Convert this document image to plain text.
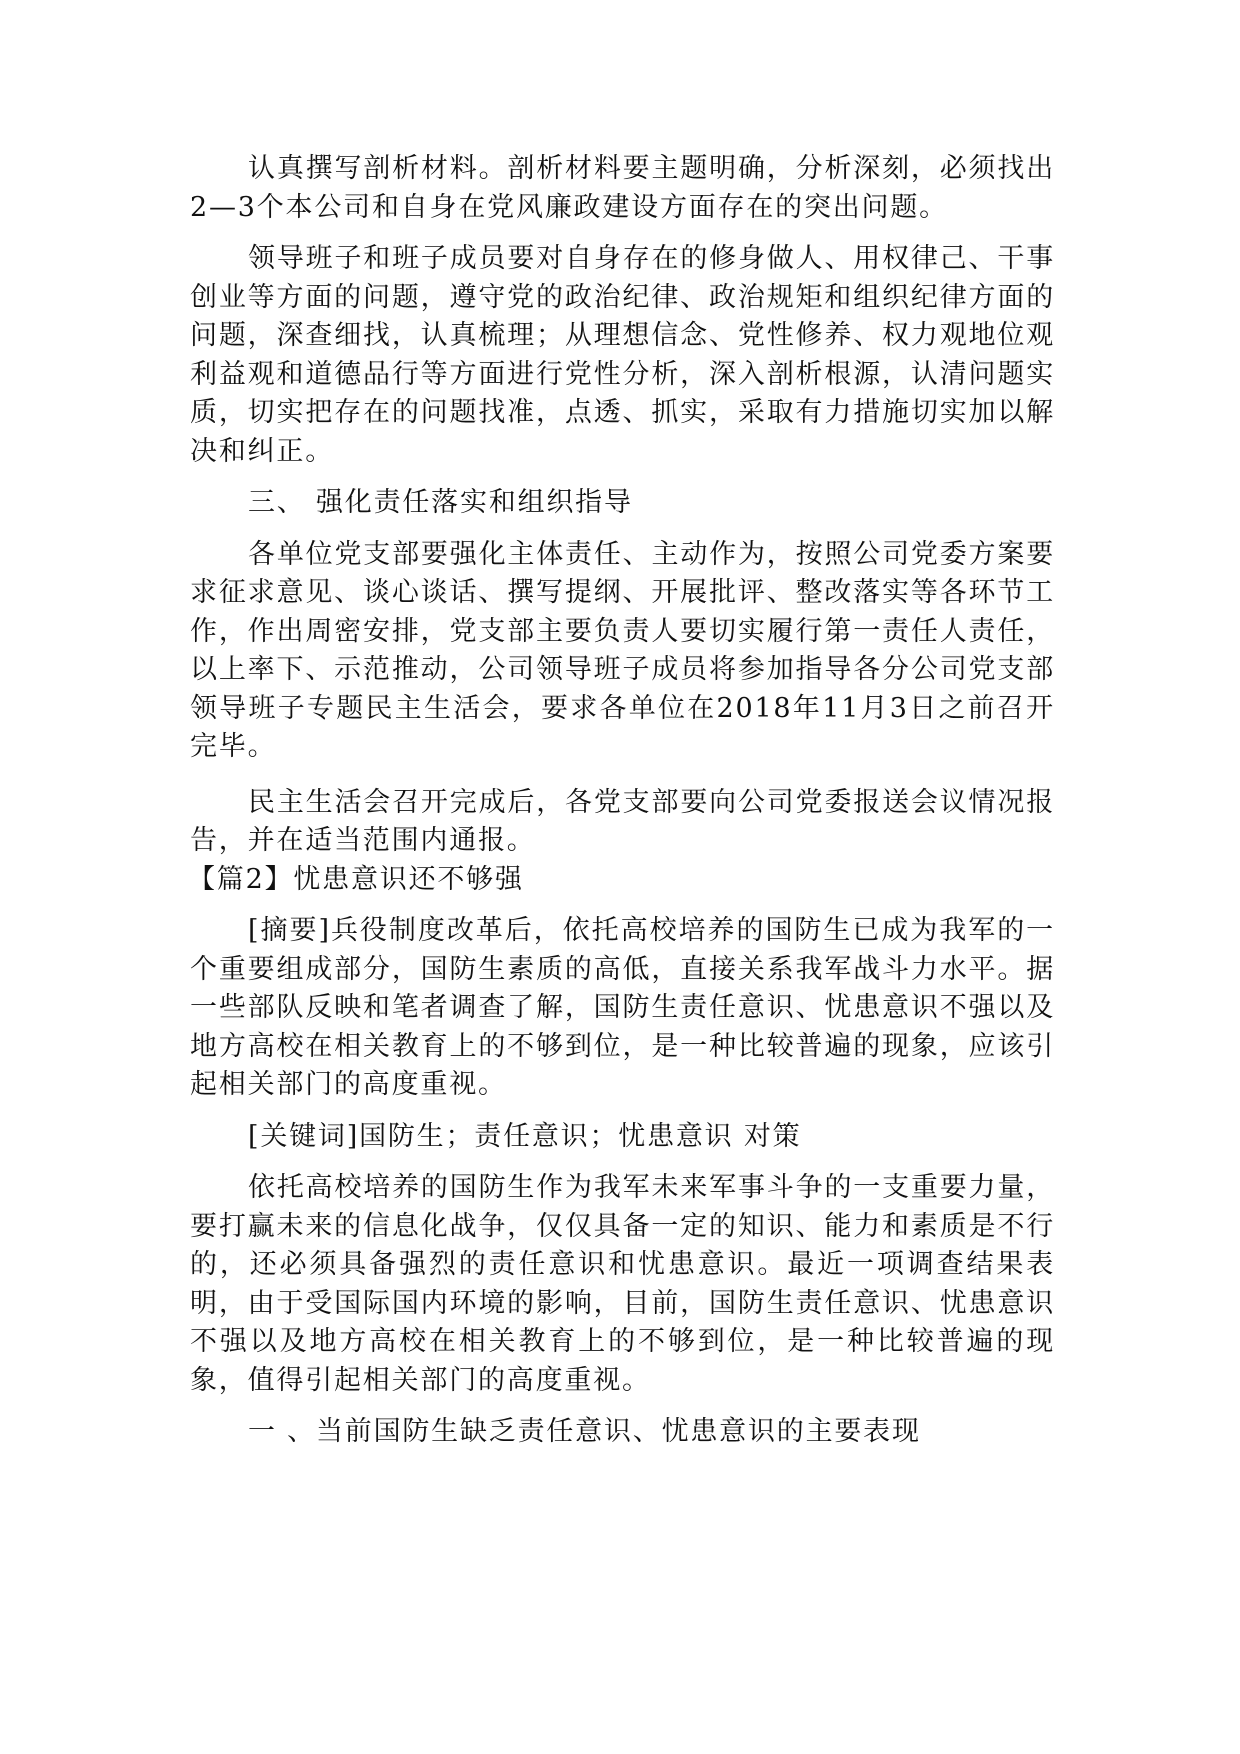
认真撰写剖析材料。剖析材料要主题明确，分析深刻，必须找出2—3个本公司和自身在党风廉政建设方面存在的突出问题。

领导班子和班子成员要对自身存在的修身做人、用权律己、干事创业等方面的问题，遵守党的政治纪律、政治规矩和组织纪律方面的问题，深查细找，认真梳理；从理想信念、党性修养、权力观地位观利益观和道德品行等方面进行党性分析，深入剖析根源，认清问题实质，切实把存在的问题找准，点透、抓实，采取有力措施切实加以解决和纠正。

三、 强化责任落实和组织指导

各单位党支部要强化主体责任、主动作为，按照公司党委方案要求征求意见、谈心谈话、撰写提纲、开展批评、整改落实等各环节工作，作出周密安排，党支部主要负责人要切实履行第一责任人责任，以上率下、示范推动，公司领导班子成员将参加指导各分公司党支部领导班子专题民主生活会，要求各单位在2018年11月3日之前召开 完毕。

民主生活会召开完成后，各党支部要向公司党委报送会议情况报告，并在适当范围内通报。

【篇2】忧患意识还不够强

[摘要]兵役制度改革后，依托高校培养的国防生已成为我军的一个重要组成部分，国防生素质的高低，直接关系我军战斗力水平。据一些部队反映和笔者调查了解，国防生责任意识、忧患意识不强以及地方高校在相关教育上的不够到位，是一种比较普遍的现象，应该引起相关部门的高度重视。

[关键词]国防生；责任意识；忧患意识 对策

依托高校培养的国防生作为我军未来军事斗争的一支重要力量，要打赢未来的信息化战争，仅仅具备一定的知识、能力和素质是不行的，还必须具备强烈的责任意识和忧患意识。最近一项调查结果表明，由于受国际国内环境的影响，目前，国防生责任意识、忧患意识不强以及地方高校在相关教育上的不够到位，是一种比较普遍的现象，值得引起相关部门的高度重视。

一 、当前国防生缺乏责任意识、忧患意识的主要表现
